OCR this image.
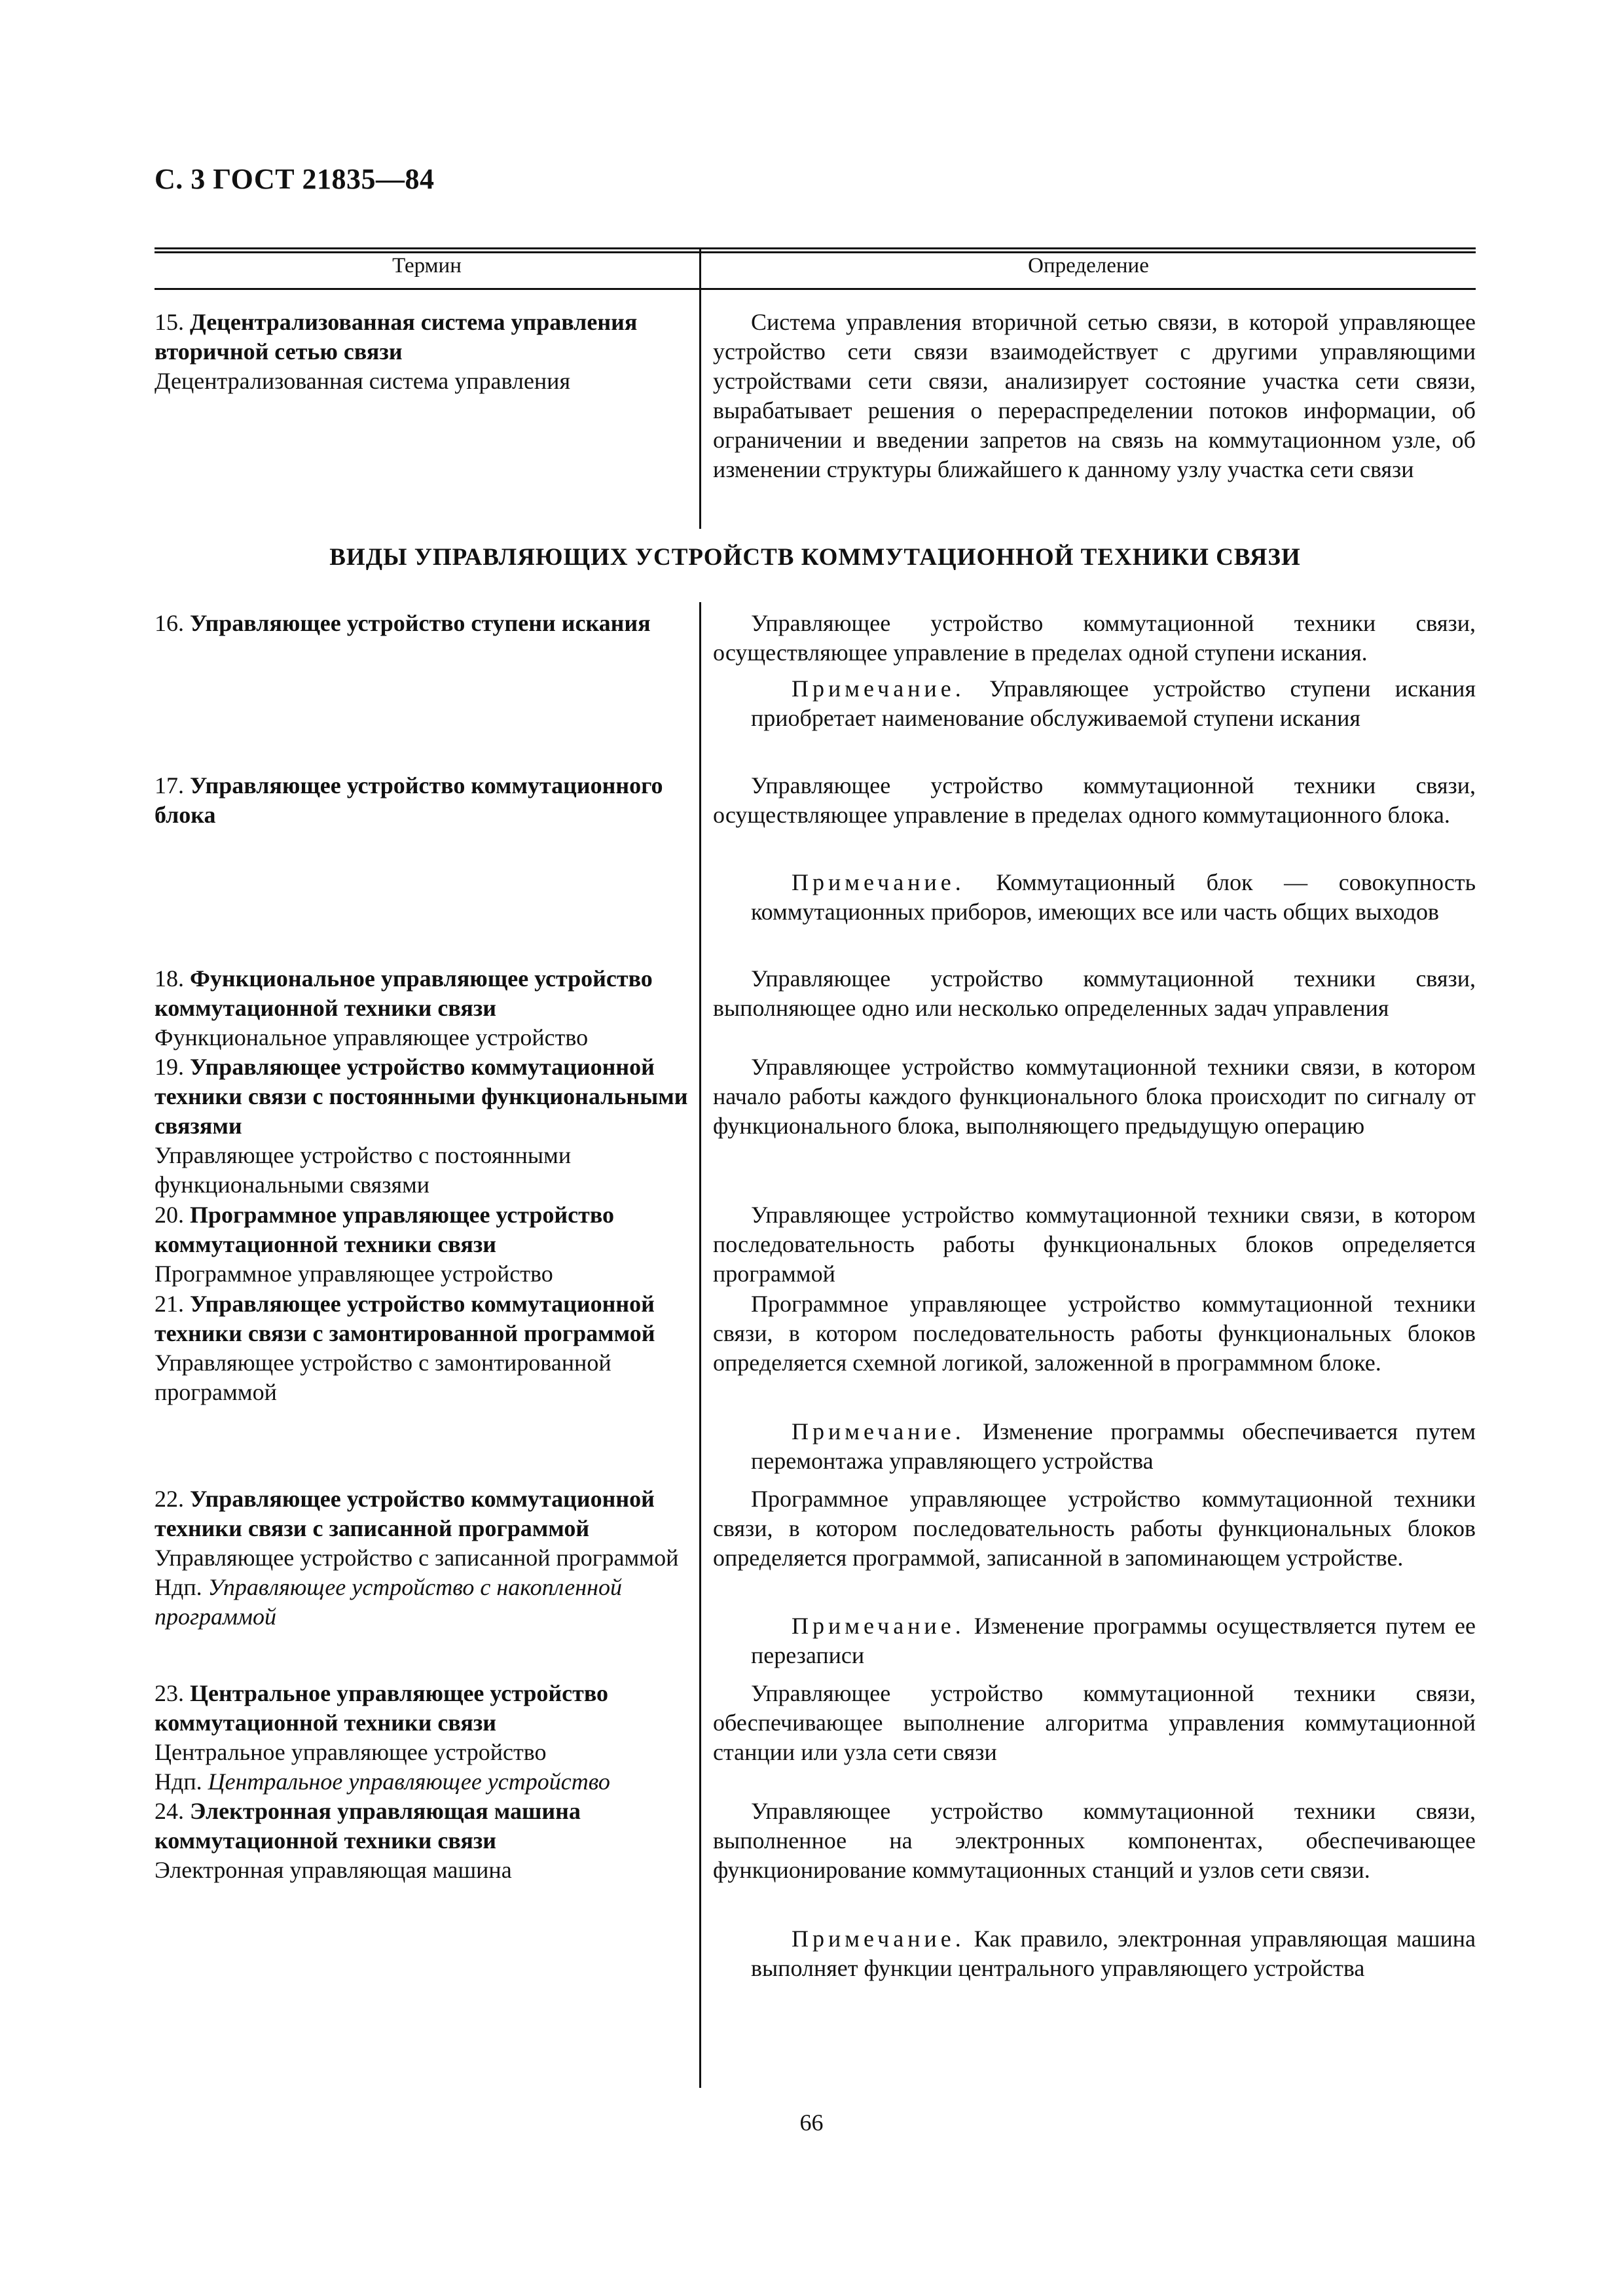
С. 3 ГОСТ 21835—84
Термин	Определение
15. Децентрализованная система управления вторичной сетью связи
Децентрализованная система управления
Система управления вторичной сетью связи, в которой управляющее устройство сети связи взаимодействует с другими управляющими устройствами сети связи, анализирует состояние участка сети связи, вырабатывает решения о перераспределении потоков информации, об ограничении и введении запретов на связь на коммутационном узле, об изменении структуры ближайшего к данному узлу участка сети связи
ВИДЫ УПРАВЛЯЮЩИХ УСТРОЙСТВ КОММУТАЦИОННОЙ ТЕХНИКИ СВЯЗИ
16. Управляющее устройство ступени искания	Управляющее устройство коммутационной техники связи, осуществляющее управление в пределах одной ступени искания.
Примечание. Управляющее устройство ступени искания приобретает наименование обслуживаемой ступени искания
17. Управляющее устройство коммутационного блока
Управляющее устройство коммутационной техники связи, осуществляющее управление в пределах одного коммутационного блока.
Примечание. Коммутационный блок — совокупность коммутационных приборов, имеющих все или часть общих выходов
18. Функциональное управляющее устройство коммутационной техники связи
Функциональное управляющее устройство
Управляющее устройство коммутационной техники связи, выполняющее одно или несколько определенных задач управления
19. Управляющее устройство коммутационной техники связи с постоянными функциональными связями
Управляющее устройство с постоянными функциональными связями
Управляющее устройство коммутационной техники связи, в котором начало работы каждого функционального блока происходит по сигналу от функционального блока, выполняющего предыдущую операцию
20. Программное управляющее устройство коммутационной техники связи
Программное управляющее устройство
Управляющее устройство коммутационной техники связи, в котором последовательность работы функциональных блоков определяется программой
21. Управляющее устройство коммутационной техники связи с замонтированной программой
Управляющее устройство с замонтированной программой
Программное управляющее устройство коммутационной техники связи, в котором последовательность работы функциональных блоков определяется схемной логикой, заложенной в программном блоке.
Примечание. Изменение программы обеспечивается путем перемонтажа управляющего устройства
22. Управляющее устройство коммутационной техники связи с записанной программой
Управляющее устройство с записанной программой
Ндп. Управляющее устройство с накопленной программой
Программное управляющее устройство коммутационной техники связи, в котором последовательность работы функциональных блоков определяется программой, записанной в запоминающем устройстве.
Примечание. Изменение программы осуществляется путем ее перезаписи
23. Центральное управляющее устройство коммутационной техники связи
Центральное управляющее устройство
Ндп. Центральное управляющее устройство
Управляющее устройство коммутационной техники связи, обеспечивающее выполнение алгоритма управления коммутационной станции или узла сети связи
24. Электронная управляющая машина коммутационной техники связи
Электронная управляющая машина
Управляющее устройство коммутационной техники связи, выполненное на электронных компонентах, обеспечивающее функционирование коммутационных станций и узлов сети связи.
Примечание. Как правило, электронная управляющая машина выполняет функции центрального управляющего устройства
66
